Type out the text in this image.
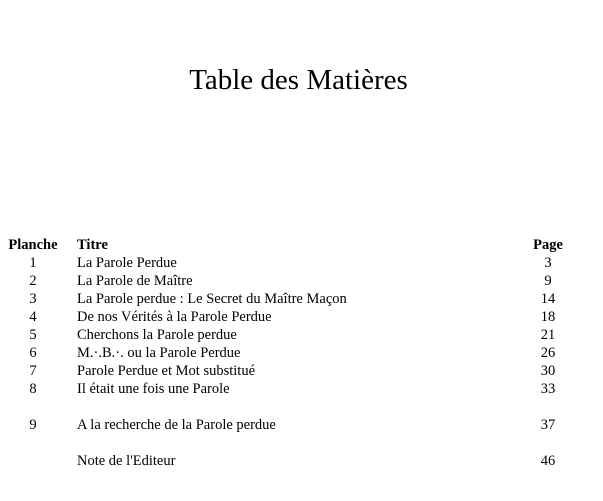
Table des Matières
Planche	Titre	Page
1	La Parole Perdue	3
2	La Parole de Maître	9
3	La Parole perdue : Le Secret du Maître Maçon	14
4	De nos Vérités à la Parole Perdue	18
5	Cherchons la Parole perdue	21
6	M.·.B.·. ou la Parole Perdue	26
7	Parole Perdue et Mot substitué	30
8	Il était une fois une Parole	33

9	A la recherche de la Parole perdue	37

	Note de l'Editeur	46
